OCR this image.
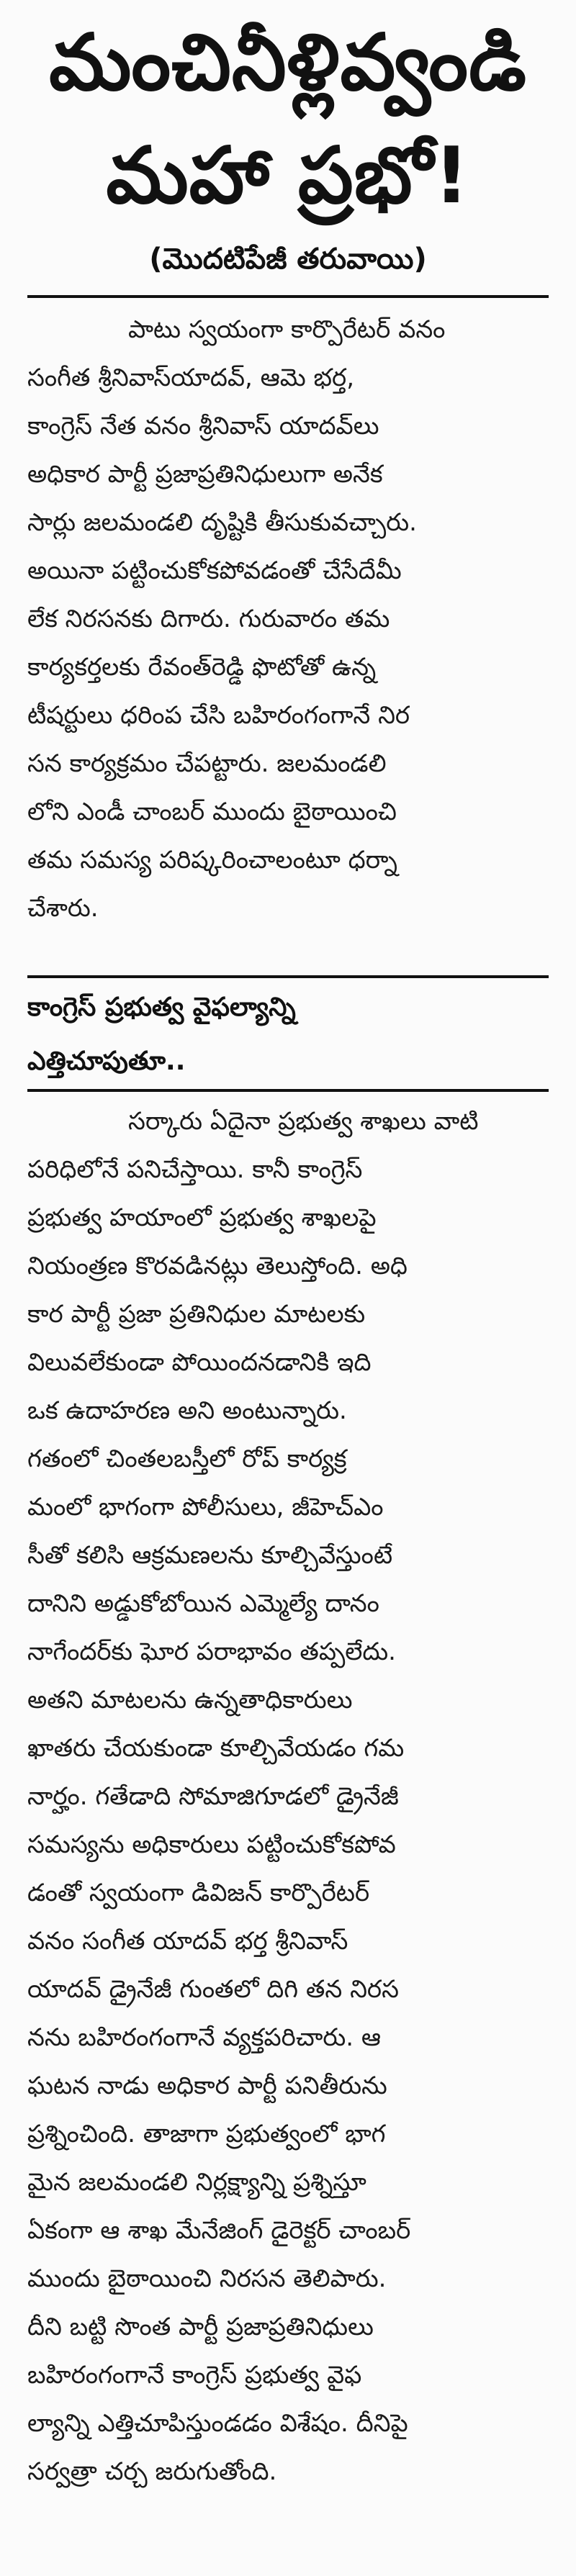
మంచినీళ్లివ్వండి
మహా ప్రభో!
(మొదటిపేజీ తరువాయి)
పాటు స్వయంగా కార్పొరేటర్ వనం
సంగీత శ్రీనివాస్‌యాదవ్, ఆమె భర్త,
కాంగ్రెస్ నేత వనం శ్రీనివాస్ యాదవ్‌లు
అధికార పార్టీ ప్రజాప్రతినిధులుగా అనేక
సార్లు జలమండలి దృష్టికి తీసుకువచ్చారు.
అయినా పట్టించుకోకపోవడంతో చేసేదేమీ
లేక నిరసనకు దిగారు. గురువారం తమ
కార్యకర్తలకు రేవంత్‌రెడ్డి ఫొటోతో ఉన్న
టీషర్టులు ధరింప చేసి బహిరంగంగానే నిర
సన కార్యక్రమం చేపట్టారు. జలమండలి
లోని ఎండీ చాంబర్ ముందు బైఠాయించి
తమ సమస్య పరిష్కరించాలంటూ ధర్నా
చేశారు.
కాంగ్రెస్ ప్రభుత్వ వైఫల్యాన్ని
ఎత్తిచూపుతూ..
సర్కారు ఏదైనా ప్రభుత్వ శాఖలు వాటి
పరిధిలోనే పనిచేస్తాయి. కానీ కాంగ్రెస్
ప్రభుత్వ హయాంలో ప్రభుత్వ శాఖలపై
నియంత్రణ కొరవడినట్లు తెలుస్తోంది. అధి
కార పార్టీ ప్రజా ప్రతినిధుల మాటలకు
విలువలేకుండా పోయిందనడానికి ఇది
ఒక ఉదాహరణ అని అంటున్నారు.
గతంలో చింతలబస్తీలో రోప్ కార్యక్ర
మంలో భాగంగా పోలీసులు, జీహెచ్‌ఎం
సీతో కలిసి ఆక్రమణలను కూల్చివేస్తుంటే
దానిని అడ్డుకోబోయిన ఎమ్మెల్యే దానం
నాగేందర్‌కు ఘోర పరాభావం తప్పలేదు.
అతని మాటలను ఉన్నతాధికారులు
ఖాతరు చేయకుండా కూల్చివేయడం గమ
నార్హం. గతేడాది సోమాజిగూడలో డ్రైనేజీ
సమస్యను అధికారులు పట్టించుకోకపోవ
డంతో స్వయంగా డివిజన్ కార్పొరేటర్
వనం సంగీత యాదవ్ భర్త శ్రీనివాస్
యాదవ్ డ్రైనేజీ గుంతలో దిగి తన నిరస
నను బహిరంగంగానే వ్యక్తపరిచారు. ఆ
ఘటన నాడు అధికార పార్టీ పనితీరును
ప్రశ్నించింది. తాజాగా ప్రభుత్వంలో భాగ
మైన జలమండలి నిర్లక్ష్యాన్ని ప్రశ్నిస్తూ
ఏకంగా ఆ శాఖ మేనేజింగ్ డైరెక్టర్ చాంబర్
ముందు బైఠాయించి నిరసన తెలిపారు.
దీని బట్టి సొంత పార్టీ ప్రజాప్రతినిధులు
బహిరంగంగానే కాంగ్రెస్ ప్రభుత్వ వైఫ
ల్యాన్ని ఎత్తిచూపిస్తుండడం విశేషం. దీనిపై
సర్వత్రా చర్చ జరుగుతోంది.
